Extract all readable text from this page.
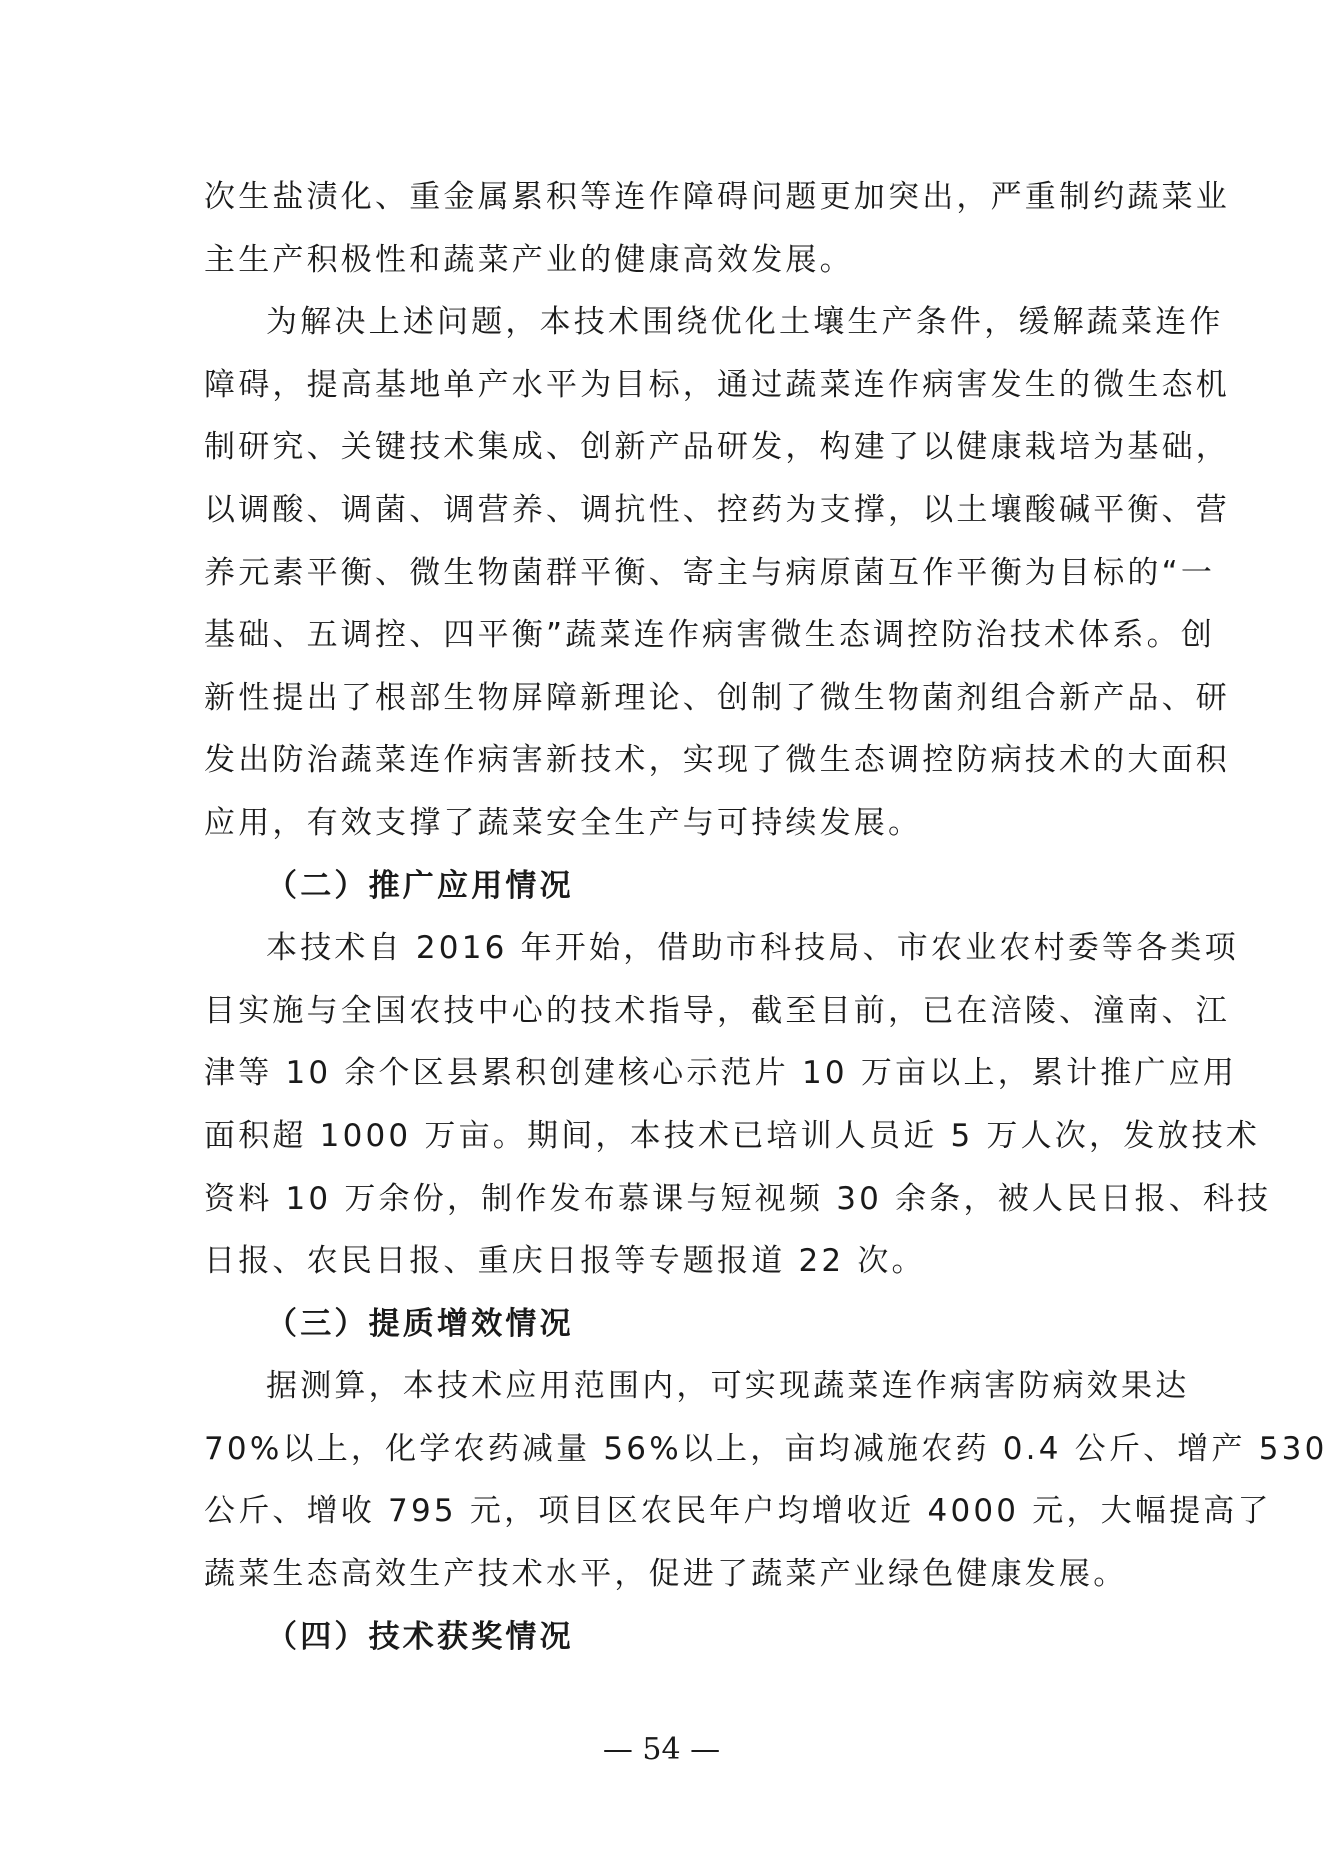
次生盐渍化、重金属累积等连作障碍问题更加突出，严重制约蔬菜业
主生产积极性和蔬菜产业的健康高效发展。
为解决上述问题，本技术围绕优化土壤生产条件，缓解蔬菜连作
障碍，提高基地单产水平为目标，通过蔬菜连作病害发生的微生态机
制研究、关键技术集成、创新产品研发，构建了以健康栽培为基础，
以调酸、调菌、调营养、调抗性、控药为支撑，以土壤酸碱平衡、营
养元素平衡、微生物菌群平衡、寄主与病原菌互作平衡为目标的“一
基础、五调控、四平衡”蔬菜连作病害微生态调控防治技术体系。创
新性提出了根部生物屏障新理论、创制了微生物菌剂组合新产品、研
发出防治蔬菜连作病害新技术，实现了微生态调控防病技术的大面积
应用，有效支撑了蔬菜安全生产与可持续发展。
（二）推广应用情况
本技术自 2016 年开始，借助市科技局、市农业农村委等各类项
目实施与全国农技中心的技术指导，截至目前，已在涪陵、潼南、江
津等 10 余个区县累积创建核心示范片 10 万亩以上，累计推广应用
面积超 1000 万亩。期间，本技术已培训人员近 5 万人次，发放技术
资料 10 万余份，制作发布慕课与短视频 30 余条，被人民日报、科技
日报、农民日报、重庆日报等专题报道 22 次。
（三）提质增效情况
据测算，本技术应用范围内，可实现蔬菜连作病害防病效果达
70%以上，化学农药减量 56%以上，亩均减施农药 0.4 公斤、增产 530
公斤、增收 795 元，项目区农民年户均增收近 4000 元，大幅提高了
蔬菜生态高效生产技术水平，促进了蔬菜产业绿色健康发展。
（四）技术获奖情况
— 54 —
